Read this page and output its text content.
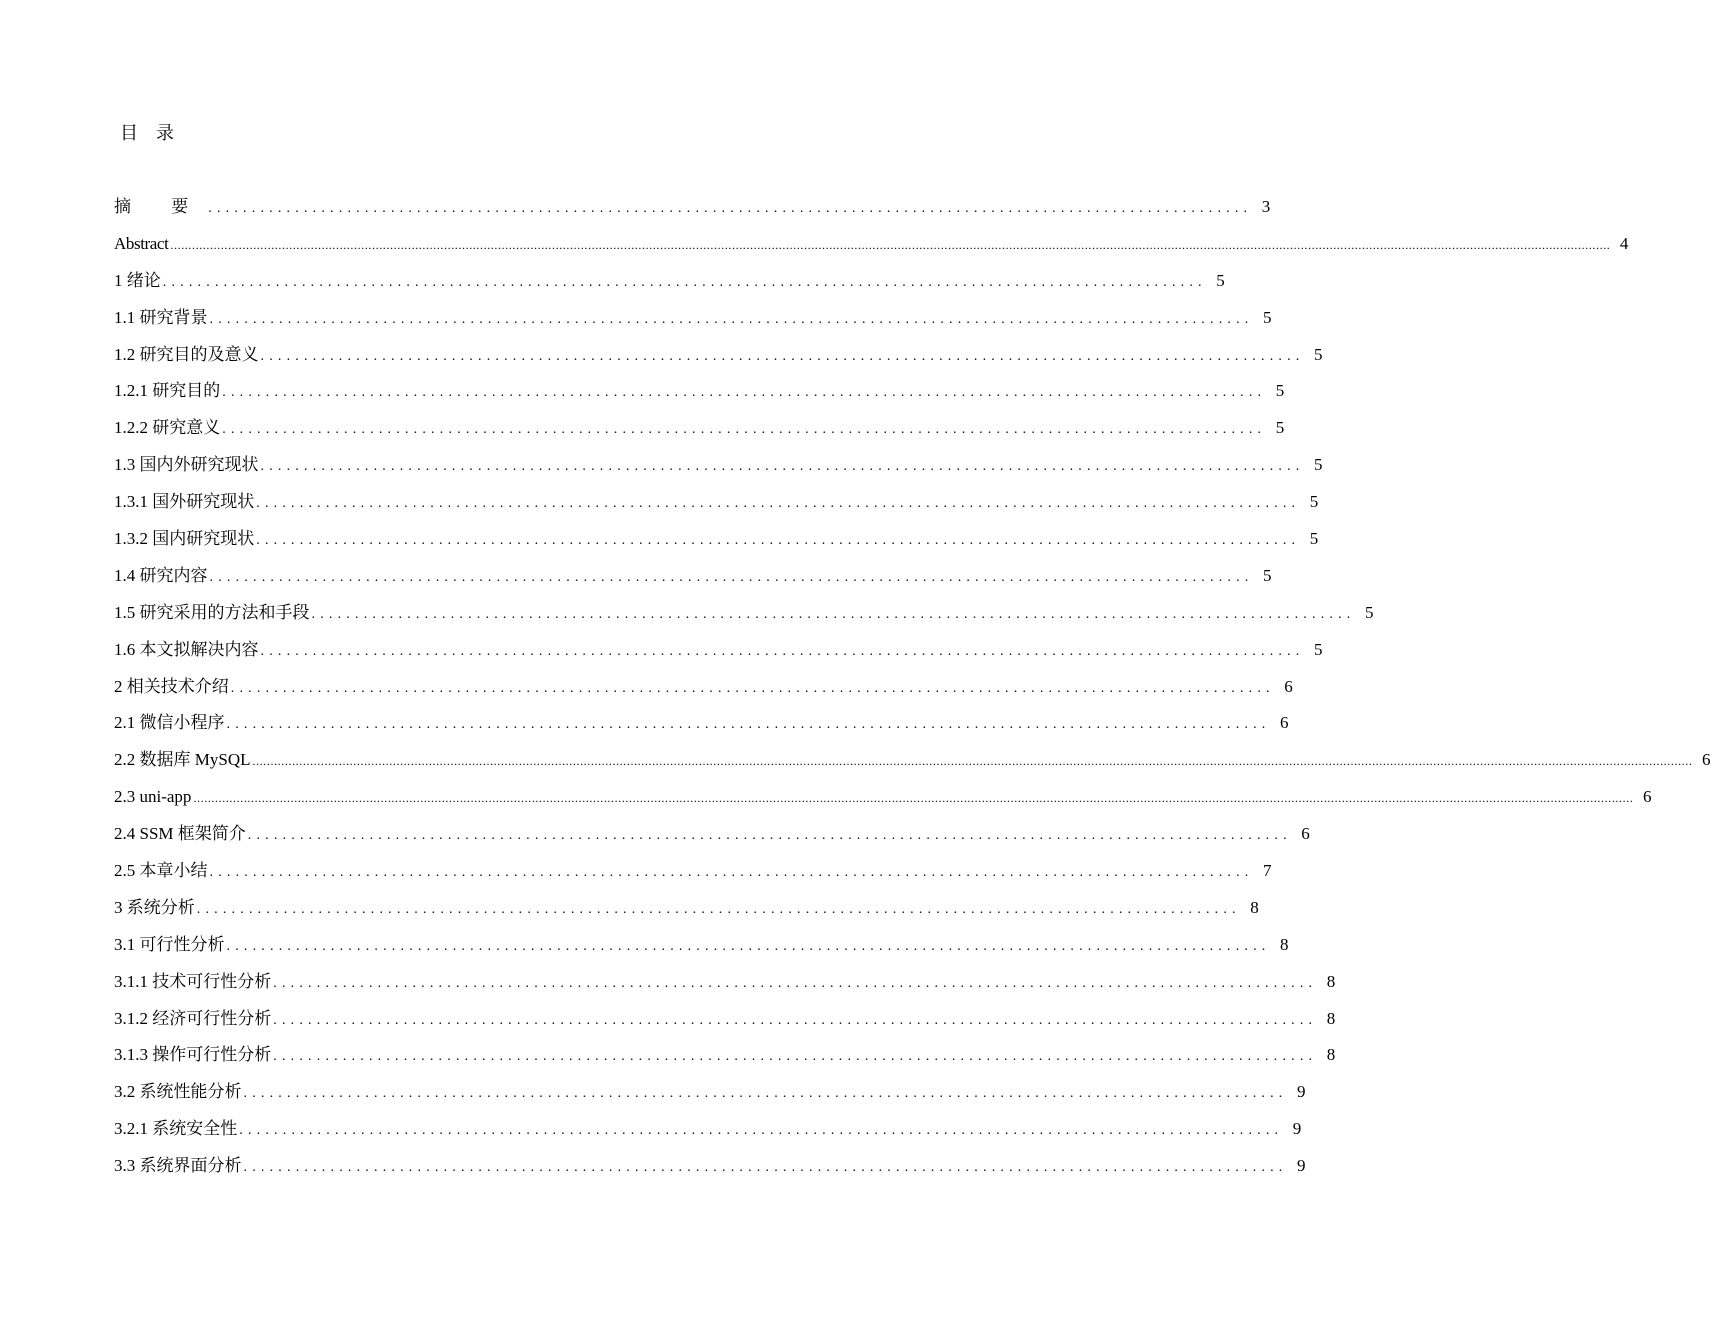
目录
摘 要 ........................................................................................................................ 3
Abstract ................................................................................................................................................................................................................................................................................................................................................................................................................ 4
1 绪论 ........................................................................................................................ 5
1.1 研究背景 ........................................................................................................................ 5
1.2 研究目的及意义 ........................................................................................................................ 5
1.2.1 研究目的 ........................................................................................................................ 5
1.2.2 研究意义 ........................................................................................................................ 5
1.3 国内外研究现状 ........................................................................................................................ 5
1.3.1 国外研究现状 ........................................................................................................................ 5
1.3.2 国内研究现状 ........................................................................................................................ 5
1.4 研究内容 ........................................................................................................................ 5
1.5 研究采用的方法和手段 ........................................................................................................................ 5
1.6 本文拟解决内容 ........................................................................................................................ 5
2 相关技术介绍 ........................................................................................................................ 6
2.1 微信小程序 ........................................................................................................................ 6
2.2 数据库 MySQL ................................................................................................................................................................................................................................................................................................................................................................................................................ 6
2.3 uni-app ................................................................................................................................................................................................................................................................................................................................................................................................................ 6
2.4 SSM 框架简介 ........................................................................................................................ 6
2.5 本章小结 ........................................................................................................................ 7
3 系统分析 ........................................................................................................................ 8
3.1 可行性分析 ........................................................................................................................ 8
3.1.1 技术可行性分析 ........................................................................................................................ 8
3.1.2 经济可行性分析 ........................................................................................................................ 8
3.1.3 操作可行性分析 ........................................................................................................................ 8
3.2 系统性能分析 ........................................................................................................................ 9
3.2.1 系统安全性 ........................................................................................................................ 9
3.3 系统界面分析 ........................................................................................................................ 9
